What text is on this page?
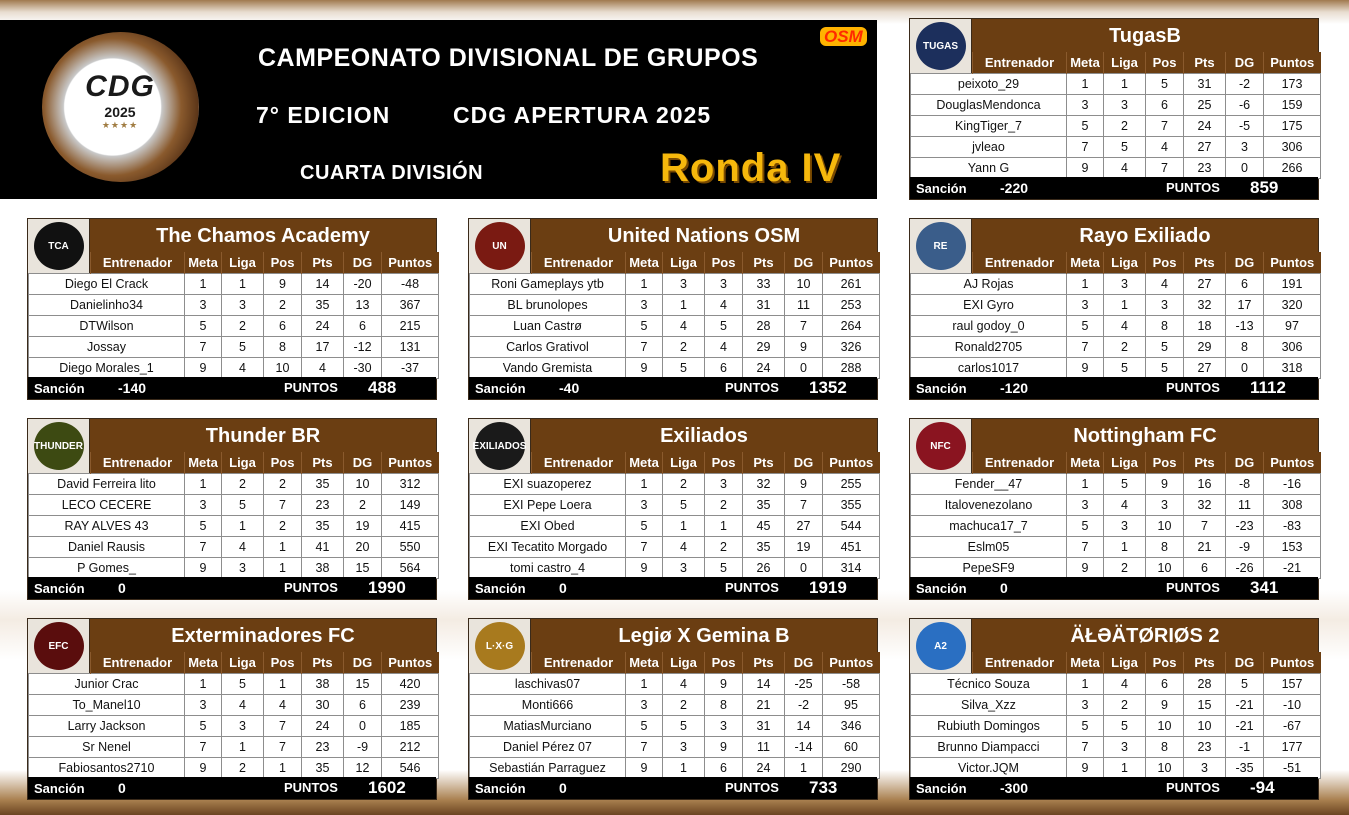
CDG
2025
★★★★
CAMPEONATO DIVISIONAL DE GRUPOS
7° EDICION	CDG APERTURA 2025
CUARTA DIVISIÓN	Ronda IV
OSM	TUGAS	TugasB
	Entrenador	Meta	Liga	Pos	Pts	DG	Puntos
peixoto_29		1	1	5	31	-2	173
DouglasMendonca		3	3	6	25	-6	159
KingTiger_7		5	2	7	24	-5	175
jvleao		7	5	4	27	3	306
Yann G		9	4	7	23	0	266
Sanción -220	PUNTOS 859
TCA	The Chamos Academy
	Entrenador	Meta	Liga	Pos	Pts	DG	Puntos
Diego El Crack		1	1	9	14	-20	-48
Danielinho34		3	3	2	35	13	367
DTWilson		5	2	6	24	6	215
Jossay		7	5	8	17	-12	131
Diego Morales_1		9	4	10	4	-30	-37
Sanción -140	PUNTOS 488
UN	United Nations OSM
	Entrenador	Meta	Liga	Pos	Pts	DG	Puntos
Roni Gameplays ytb		1	3	3	33	10	261
BL brunolopes		3	1	4	31	11	253
Luan Castrø		5	4	5	28	7	264
Carlos Grativol		7	2	4	29	9	326
Vando Gremista		9	5	6	24	0	288
Sanción -40	PUNTOS 1352
RE	Rayo Exiliado
	Entrenador	Meta	Liga	Pos	Pts	DG	Puntos
AJ Rojas		1	3	4	27	6	191
EXI Gyro		3	1	3	32	17	320
raul godoy_0		5	4	8	18	-13	97
Ronald2705		7	2	5	29	8	306
carlos1017		9	5	5	27	0	318
Sanción -120	PUNTOS 1112
THUNDER	Thunder BR
	Entrenador	Meta	Liga	Pos	Pts	DG	Puntos
David Ferreira lito		1	2	2	35	10	312
LECO CECERE		3	5	7	23	2	149
RAY ALVES 43		5	1	2	35	19	415
Daniel Rausis		7	4	1	41	20	550
P Gomes_		9	3	1	38	15	564
Sanción 0	PUNTOS 1990
EXILIADOS	Exiliados
	Entrenador	Meta	Liga	Pos	Pts	DG	Puntos
EXI suazoperez		1	2	3	32	9	255
EXI Pepe Loera		3	5	2	35	7	355
EXI Obed		5	1	1	45	27	544
EXI Tecatito Morgado		7	4	2	35	19	451
tomi castro_4		9	3	5	26	0	314
Sanción 0	PUNTOS 1919
NFC	Nottingham FC
	Entrenador	Meta	Liga	Pos	Pts	DG	Puntos
Fender__47		1	5	9	16	-8	-16
Italovenezolano		3	4	3	32	11	308
machuca17_7		5	3	10	7	-23	-83
Eslm05		7	1	8	21	-9	153
PepeSF9		9	2	10	6	-26	-21
Sanción 0	PUNTOS 341
EFC	Exterminadores FC
	Entrenador	Meta	Liga	Pos	Pts	DG	Puntos
Junior Crac		1	5	1	38	15	420
To_Manel10		3	4	4	30	6	239
Larry Jackson		5	3	7	24	0	185
Sr Nenel		7	1	7	23	-9	212
Fabiosantos2710		9	2	1	35	12	546
Sanción 0	PUNTOS 1602
L·X·G	Legiø X Gemina B
	Entrenador	Meta	Liga	Pos	Pts	DG	Puntos
laschivas07		1	4	9	14	-25	-58
Monti666		3	2	8	21	-2	95
MatiasMurciano		5	5	3	31	14	346
Daniel Pérez 07		7	3	9	11	-14	60
Sebastián Parraguez		9	1	6	24	1	290
Sanción 0	PUNTOS 733
A2	ÄŁƏÄTØRIØS 2
	Entrenador	Meta	Liga	Pos	Pts	DG	Puntos
Técnico Souza		1	4	6	28	5	157
Silva_Xzz		3	2	9	15	-21	-10
Rubiuth Domingos		5	5	10	10	-21	-67
Brunno Diampacci		7	3	8	23	-1	177
Victor.JQM		9	1	10	3	-35	-51
Sanción -300	PUNTOS -94
